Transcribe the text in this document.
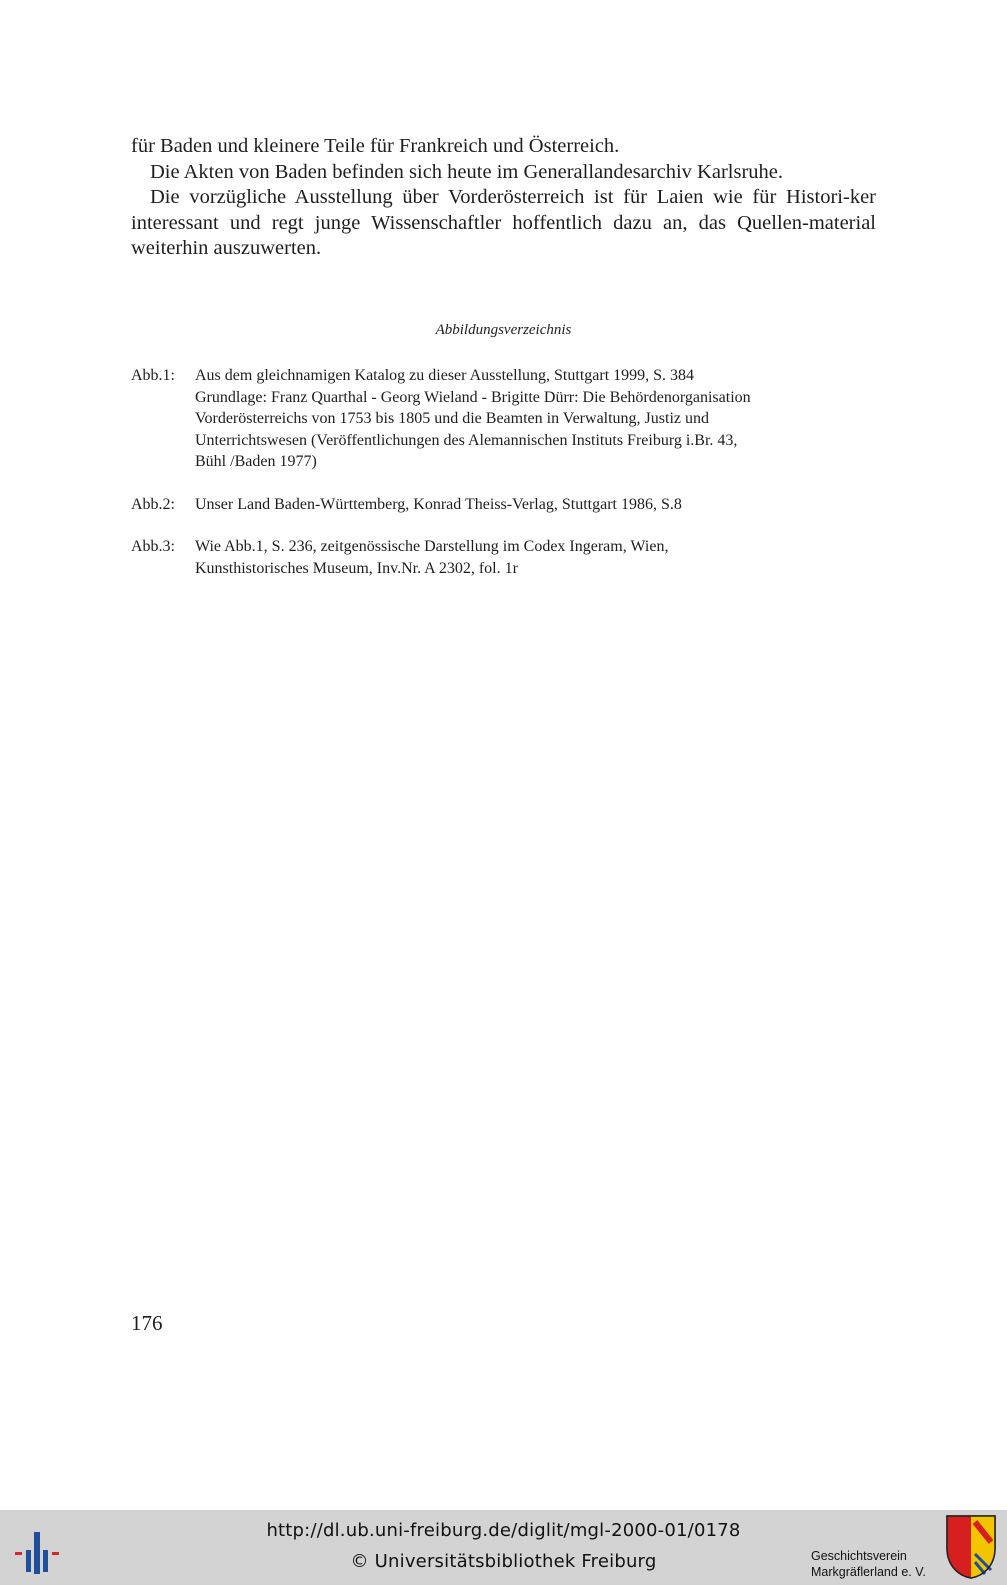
für Baden und kleinere Teile für Frankreich und Österreich.

Die Akten von Baden befinden sich heute im Generallandesarchiv Karlsruhe.

Die vorzügliche Ausstellung über Vorderösterreich ist für Laien wie für Histori-ker interessant und regt junge Wissenschaftler hoffentlich dazu an, das Quellen-material weiterhin auszuwerten.

Abbildungsverzeichnis
Abb.1:	Aus dem gleichnamigen Katalog zu dieser Ausstellung, Stuttgart 1999, S. 384
Grundlage: Franz Quarthal - Georg Wieland - Brigitte Dürr: Die Behördenorganisation
Vorderösterreichs von 1753 bis 1805 und die Beamten in Verwaltung, Justiz und
Unterrichtswesen (Veröffentlichungen des Alemannischen Instituts Freiburg i.Br. 43,
Bühl /Baden 1977)
Abb.2:	Unser Land Baden-Württemberg, Konrad Theiss-Verlag, Stuttgart 1986, S.8
Abb.3:	Wie Abb.1, S. 236, zeitgenössische Darstellung im Codex Ingeram, Wien,
Kunsthistorisches Museum, Inv.Nr. A 2302, fol. 1r
176
http://dl.ub.uni-freiburg.de/diglit/mgl-2000-01/0178
© Universitätsbibliothek Freiburg	Geschichtsverein
Markgräflerland e. V.
